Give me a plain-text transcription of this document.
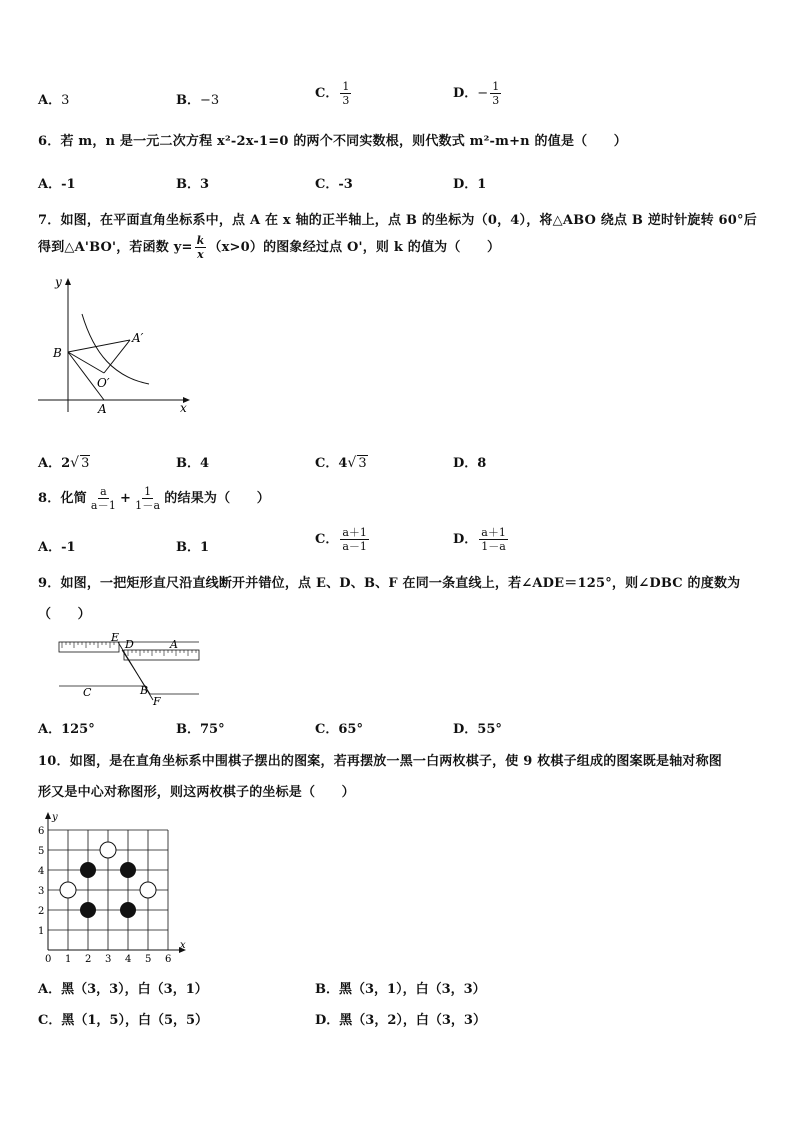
A．3	B．−3	C． $\frac{1}{3}$	D．− $\frac{1}{3}$
6．若 m，n 是一元二次方程 x²-2x-1=0 的两个不同实数根，则代数式 m²-m+n 的值是（　　）
A．-1	B．3	C．-3	D．1
7．如图，在平面直角坐标系中，点 A 在 x 轴的正半轴上，点 B 的坐标为（0，4），将△ABO 绕点 B 逆时针旋转 60°后
得到△A'BO'，若函数 $y= \frac{k}{x} (x>0)$的图象经过点 O'，则 k 的值为（　　）
y
x
B
A
A′
O′
A．2√ 3	B．4	C．4√ 3	D．8
8．化简 $\frac{a}{a-1} + \frac{1}{1-a}$ 的结果为（　　）
A．-1	B．1
C． $\frac{a+1}{a-1}$	D． $\frac{a+1}{1-a}$
9．如图，一把矩形直尺沿直线断开并错位，点 E、D、B、F 在同一条直线上，若∠ADE＝125°，则∠DBC 的度数为
（　　）
E
D	A
C	B
F
A．125°	B．75°	C．65°	D．55°
10．如图，是在直角坐标系中围棋子摆出的图案，若再摆放一黑一白两枚棋子，使 9 枚棋子组成的图案既是轴对称图
形又是中心对称图形，则这两枚棋子的坐标是（　　）
0 1 2 3 4 5 6
1
2
3
4
5
6
x
y
A．黑（3，3），白（3，1）	B．黑（3，1），白（3，3）
C．黑（1，5），白（5，5）	D．黑（3，2），白（3，3）
